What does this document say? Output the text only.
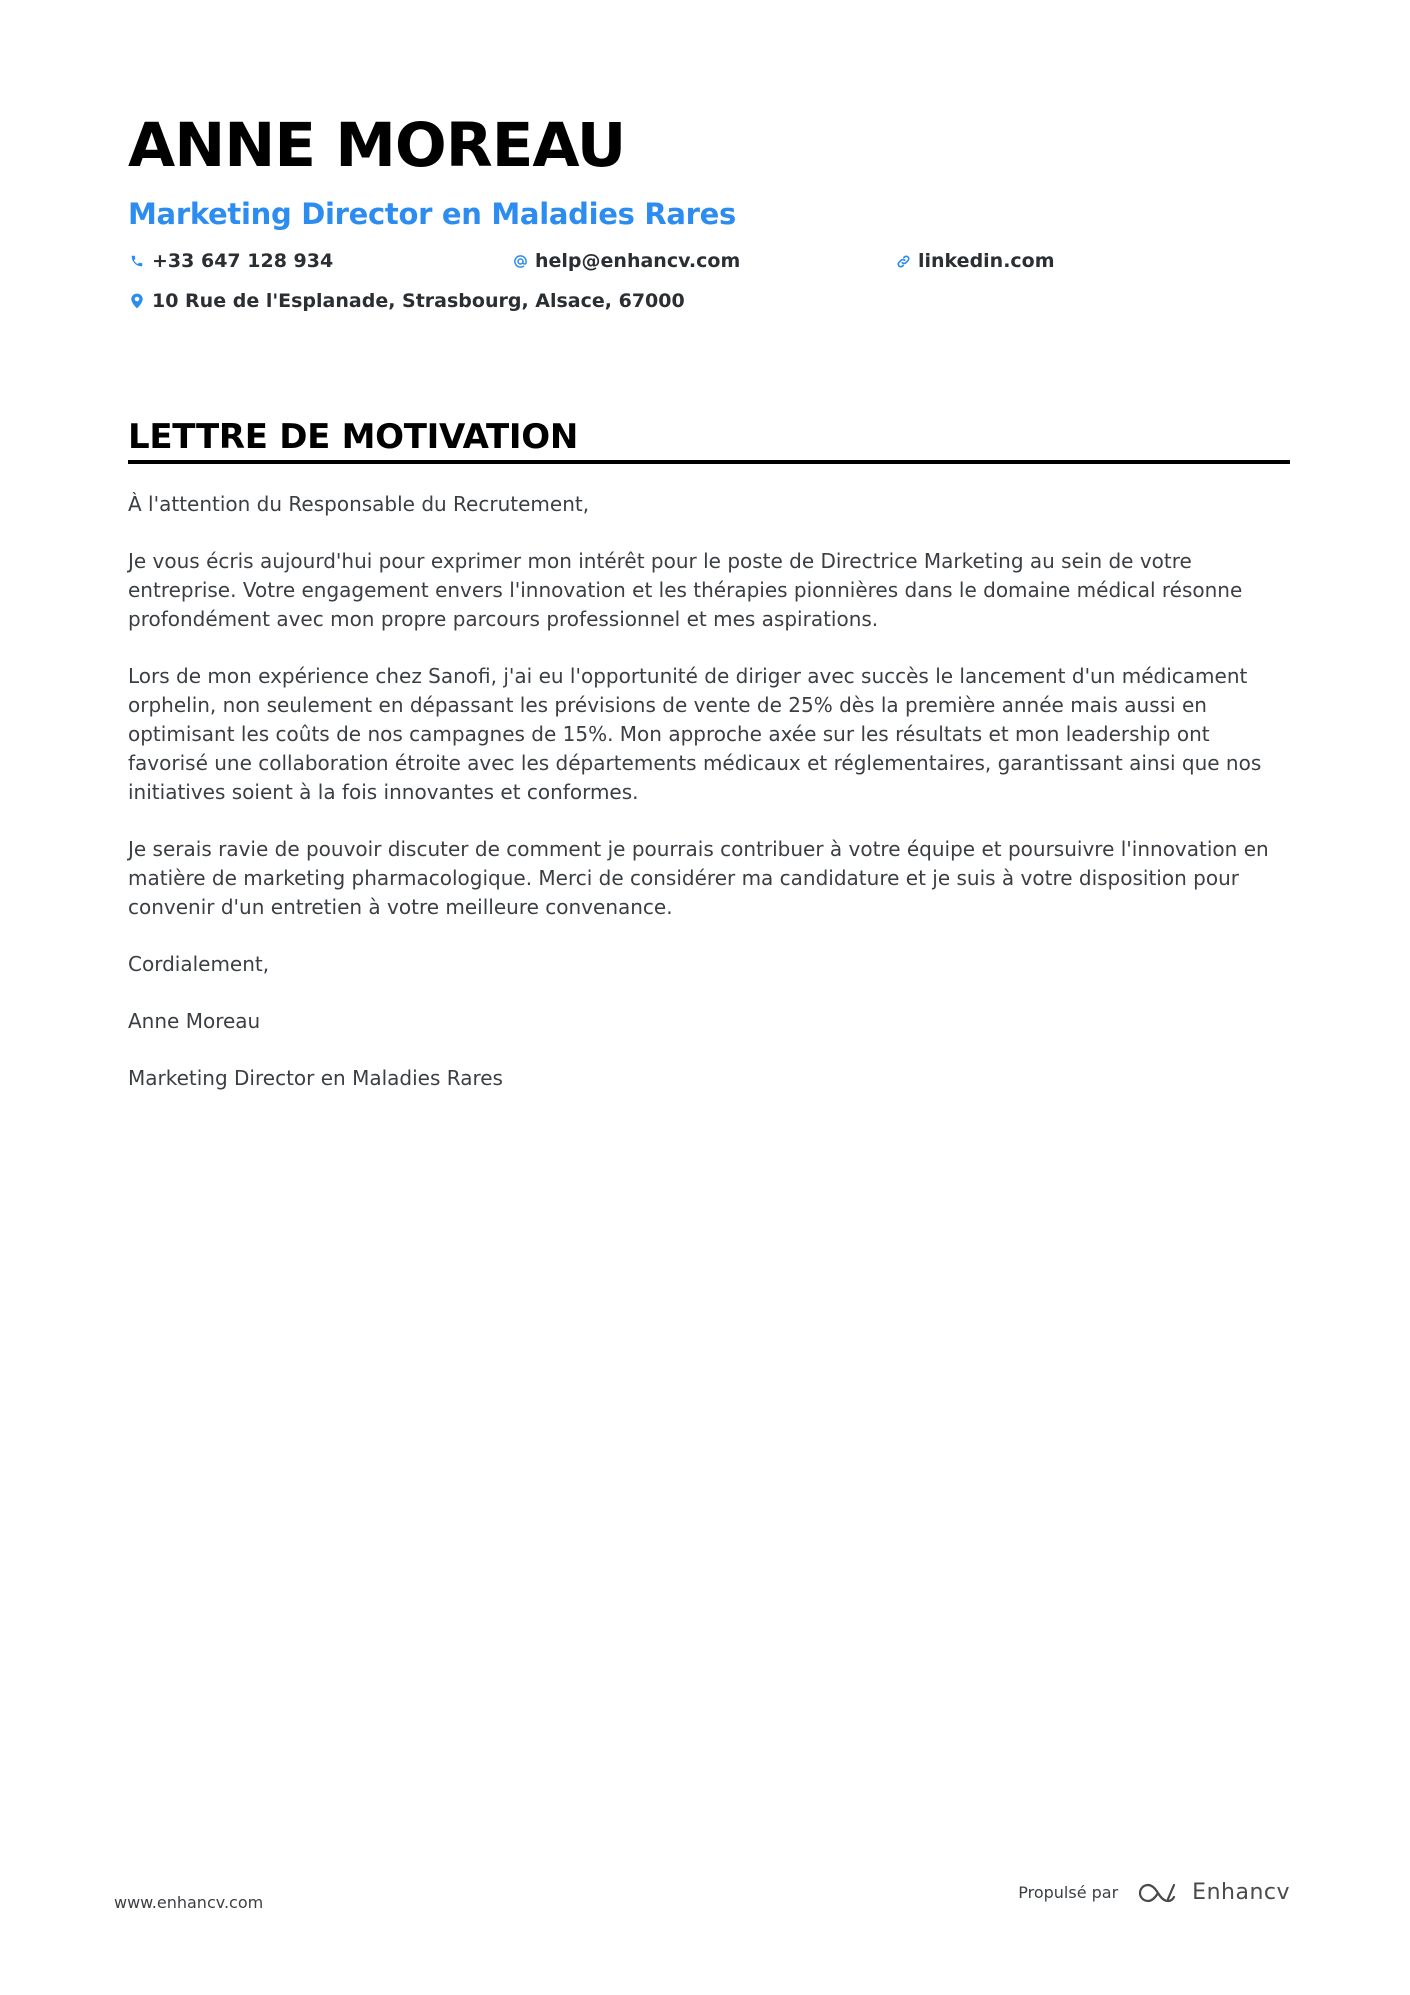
ANNE MOREAU
Marketing Director en Maladies Rares
+33 647 128 934	help@enhancv.com	linkedin.com
10 Rue de l'Esplanade, Strasbourg, Alsace, 67000
LETTRE DE MOTIVATION

À l'attention du Responsable du Recrutement,

Je vous écris aujourd'hui pour exprimer mon intérêt pour le poste de Directrice Marketing au sein de votre entreprise. Votre engagement envers l'innovation et les thérapies pionnières dans le domaine médical résonne profondément avec mon propre parcours professionnel et mes aspirations.

Lors de mon expérience chez Sanofi, j'ai eu l'opportunité de diriger avec succès le lancement d'un médicament orphelin, non seulement en dépassant les prévisions de vente de 25% dès la première année mais aussi en optimisant les coûts de nos campagnes de 15%. Mon approche axée sur les résultats et mon leadership ont favorisé une collaboration étroite avec les départements médicaux et réglementaires, garantissant ainsi que nos initiatives soient à la fois innovantes et conformes.

Je serais ravie de pouvoir discuter de comment je pourrais contribuer à votre équipe et poursuivre l'innovation en matière de marketing pharmacologique. Merci de considérer ma candidature et je suis à votre disposition pour convenir d'un entretien à votre meilleure convenance.

Cordialement,

Anne Moreau

Marketing Director en Maladies Rares

www.enhancv.com
Propulsé par	Enhancv
